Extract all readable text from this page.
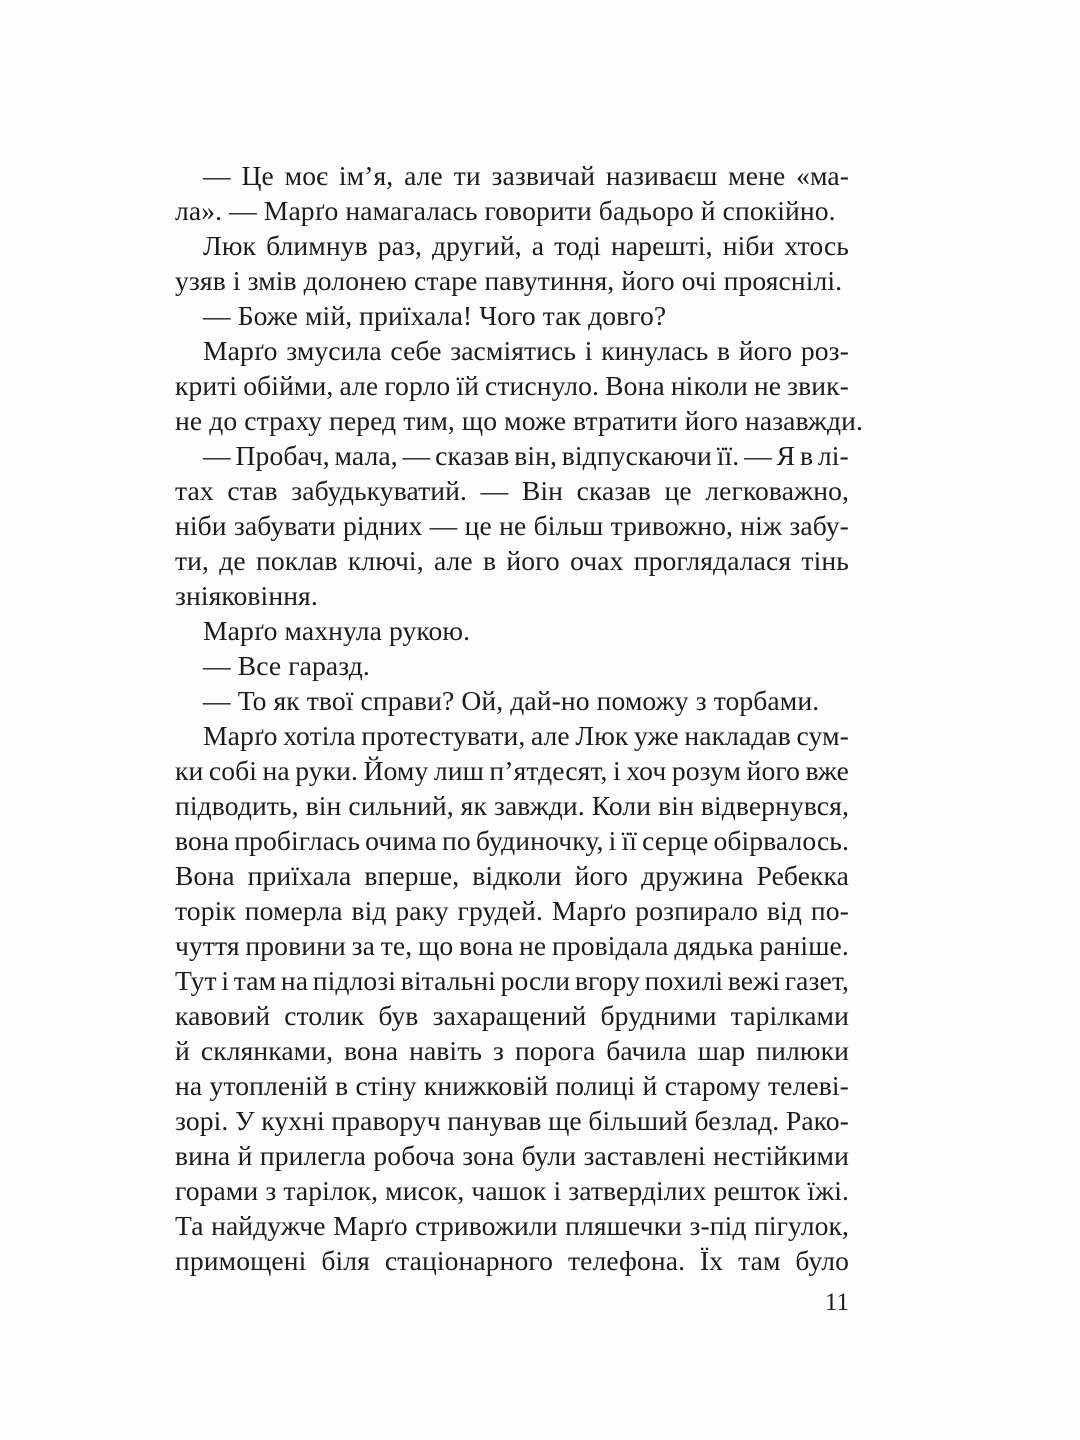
— Це моє ім’я, але ти зазвичай називаєш мене «ма-
ла». — Марґо намагалась говорити бадьоро й спокійно.

Люк блимнув раз, другий, а тоді нарешті, ніби хтось
узяв і змів долонею старе павутиння, його очі прояснілі.

— Боже мій, приїхала! Чого так довго?

Марґо змусила себе засміятись і кинулась в його роз-
криті обійми, але горло їй стиснуло. Вона ніколи не звик-
не до страху перед тим, що може втратити його назавжди.

— Пробач, мала, — сказав він, відпускаючи її. — Я в лі-
тах став забудькуватий. — Він сказав це легковажно,
ніби забувати рідних — це не більш тривожно, ніж забу-
ти, де поклав ключі, але в його очах проглядалася тінь
зніяковіння.

Марґо махнула рукою.

— Все гаразд.

— То як твої справи? Ой, дай-но поможу з торбами.

Марґо хотіла протестувати, але Люк уже накладав сум-
ки собі на руки. Йому лиш п’ятдесят, і хоч розум його вже
підводить, він сильний, як завжди. Коли він відвернувся,
вона пробіглась очима по будиночку, і її серце обірвалось.
Вона приїхала вперше, відколи його дружина Ребекка
торік померла від раку грудей. Марґо розпирало від по-
чуття провини за те, що вона не провідала дядька раніше.
Тут і там на підлозі вітальні росли вгору похилі вежі газет,
кавовий столик був захаращений брудними тарілками
й склянками, вона навіть з порога бачила шар пилюки
на утопленій в стіну книжковій полиці й старому телеві-
зорі. У кухні праворуч панував ще більший безлад. Рако-
вина й прилегла робоча зона були заставлені нестійкими
горами з тарілок, мисок, чашок і затверділих решток їжі.
Та найдужче Марґо стривожили пляшечки з-під пігулок,
примощені біля стаціонарного телефона. Їх там було

11
